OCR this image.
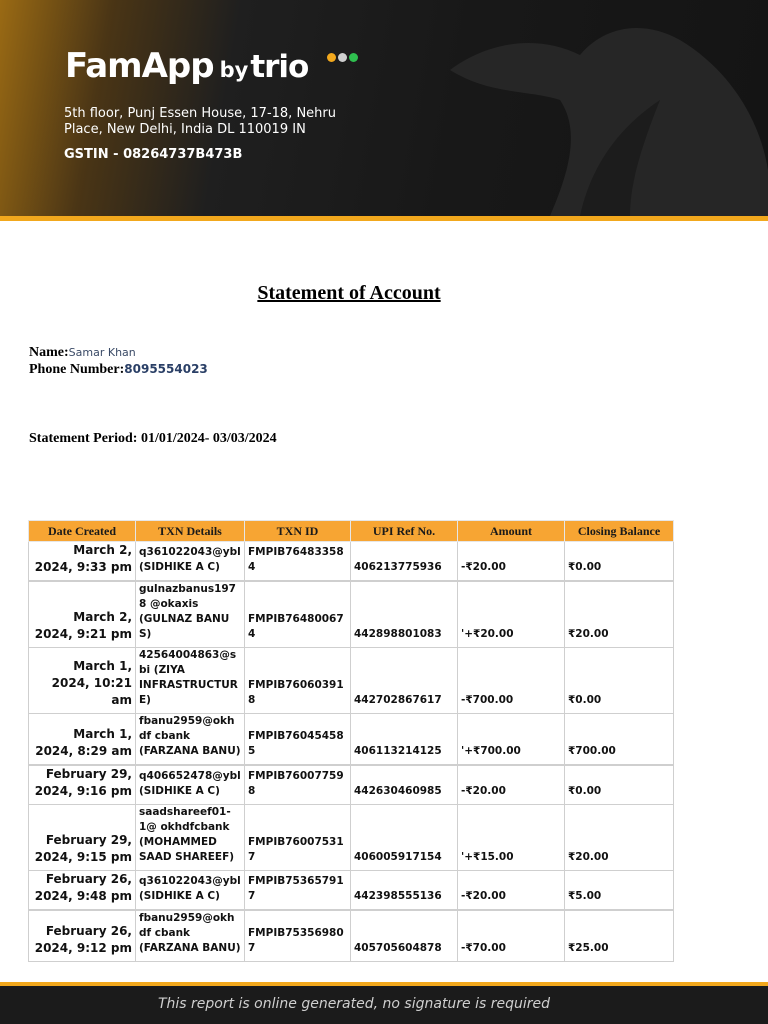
FamApp bytrio
5th floor, Punj Essen House, 17-18, Nehru Place, New Delhi, India DL 110019 IN
GSTIN - 08264737B473B
Statement of Account
Name:Samar Khan
Phone Number:8095554023
Statement Period: 01/01/2024- 03/03/2024
Date Created	TXN Details	TXN ID	UPI Ref No.	Amount	Closing Balance
March 2, 2024, 9:33 pm	q361022043@ybl (SIDHIKE A C)	FMPIB764833584	406213775936	-₹20.00	₹0.00
March 2, 2024, 9:21 pm	gulnazbanus1978 @okaxis (GULNAZ BANU S)	FMPIB764800674	442898801083	'+₹20.00	₹20.00
March 1, 2024, 10:21 am	42564004863@sbi (ZIYA INFRASTRUCTURE)	FMPIB760603918	442702867617	-₹700.00	₹0.00
March 1, 2024, 8:29 am	fbanu2959@okhdf cbank (FARZANA BANU)	FMPIB760454585	406113214125	'+₹700.00	₹700.00
February 29, 2024, 9:16 pm	q406652478@ybl (SIDHIKE A C)	FMPIB760077598	442630460985	-₹20.00	₹0.00
February 29, 2024, 9:15 pm	saadshareef01-1@ okhdfcbank (MOHAMMED SAAD SHAREEF)	FMPIB760075317	406005917154	'+₹15.00	₹20.00
February 26, 2024, 9:48 pm	q361022043@ybl (SIDHIKE A C)	FMPIB753657917	442398555136	-₹20.00	₹5.00
February 26, 2024, 9:12 pm	fbanu2959@okhdf cbank (FARZANA BANU)	FMPIB753569807	405705604878	-₹70.00	₹25.00
This report is online generated, no signature is required
